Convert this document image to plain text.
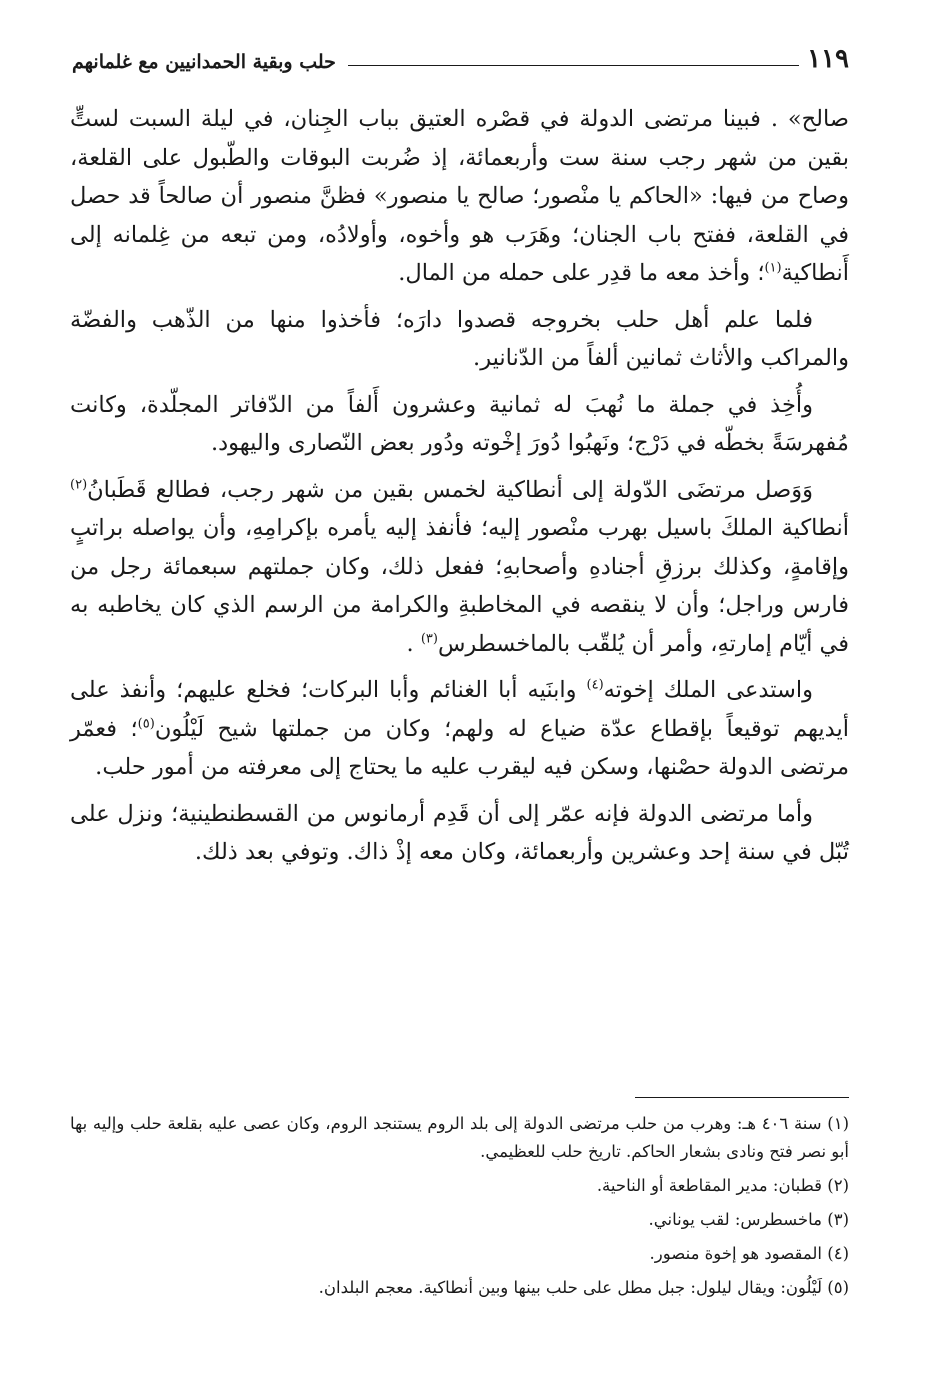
حلب وبقية الحمدانيين مع غلمانهم	١١٩

صالح» . فبينا مرتضى الدولة في قصْره العتيق بباب الجِنان، في ليلة السبت لستٍّ بقين من شهر رجب سنة ست وأربعمائة، إذ ضُربت البوقات والطّبول على القلعة، وصاح من فيها: «الحاكم يا منْصور؛ صالح يا منصور» فظنَّ منصور أن صالحاً قد حصل في القلعة، ففتح باب الجنان؛ وهَرَب هو وأخوه، وأولادُه، ومن تبعه من غِلمانه إلى أَنطاكية$^{(١)}$؛ وأخذ معه ما قدِر على حمله من المال.

فلما علم أهل حلب بخروجه قصدوا دارَه؛ فأخذوا منها من الذّهب والفضّة والمراكب والأثاث ثمانين ألفاً من الدّنانير.

وأُخِذ في جملة ما نُهبَ له ثمانية وعشرون أَلفاً من الدّفاتر المجلّدة، وكانت مُفهرسَةً بخطّه في دَرْج؛ ونَهبُوا دُورَ إخْوته ودُور بعض النّصارى واليهود.

وَوَصل مرتضَى الدّولة إلى أنطاكية لخمس بقين من شهر رجب، فطالع قَطَبانُ$^{(٢)}$ أنطاكية الملكَ باسيل بهرب منْصور إليه؛ فأنفذ إليه يأمره بإكرامِهِ، وأن يواصله براتبٍ وإقامةٍ، وكذلك برزقِ أجنادهِ وأصحابهِ؛ ففعل ذلك، وكان جملتهم سبعمائة رجل من فارس وراجل؛ وأن لا ينقصه في المخاطبةِ والكرامة من الرسم الذي كان يخاطبه به في أيّام إمارتهِ، وأمر أن يُلقّب بالماخسطرس$^{(٣)}$ .

واستدعى الملك إخوته$^{(٤)}$ وابنَيه أبا الغنائم وأبا البركات؛ فخلع عليهم؛ وأنفذ على أيديهم توقيعاً بإقطاع عدّة ضياع له ولهم؛ وكان من جملتها شيح لَيْلُون$^{(٥)}$؛ فعمّر مرتضى الدولة حصْنها، وسكن فيه ليقرب عليه ما يحتاج إلى معرفته من أمور حلب.

وأما مرتضى الدولة فإنه عمّر إلى أن قَدِم أرمانوس من القسطنطينية؛ ونزل على تُبّل في سنة إحد وعشرين وأربعمائة، وكان معه إذْ ذاك. وتوفي بعد ذلك.

(١) سنة ٤٠٦ هـ: وهرب من حلب مرتضى الدولة إلى بلد الروم يستنجد الروم، وكان عصى عليه بقلعة حلب وإليه بها أبو نصر فتح ونادى بشعار الحاكم. تاريخ حلب للعظيمي.

(٢) قطبان: مدير المقاطعة أو الناحية.

(٣) ماخسطرس: لقب يوناني.

(٤) المقصود هو إخوة منصور.

(٥) لَيْلُون: ويقال ليلول: جبل مطل على حلب بينها وبين أنطاكية. معجم البلدان.
